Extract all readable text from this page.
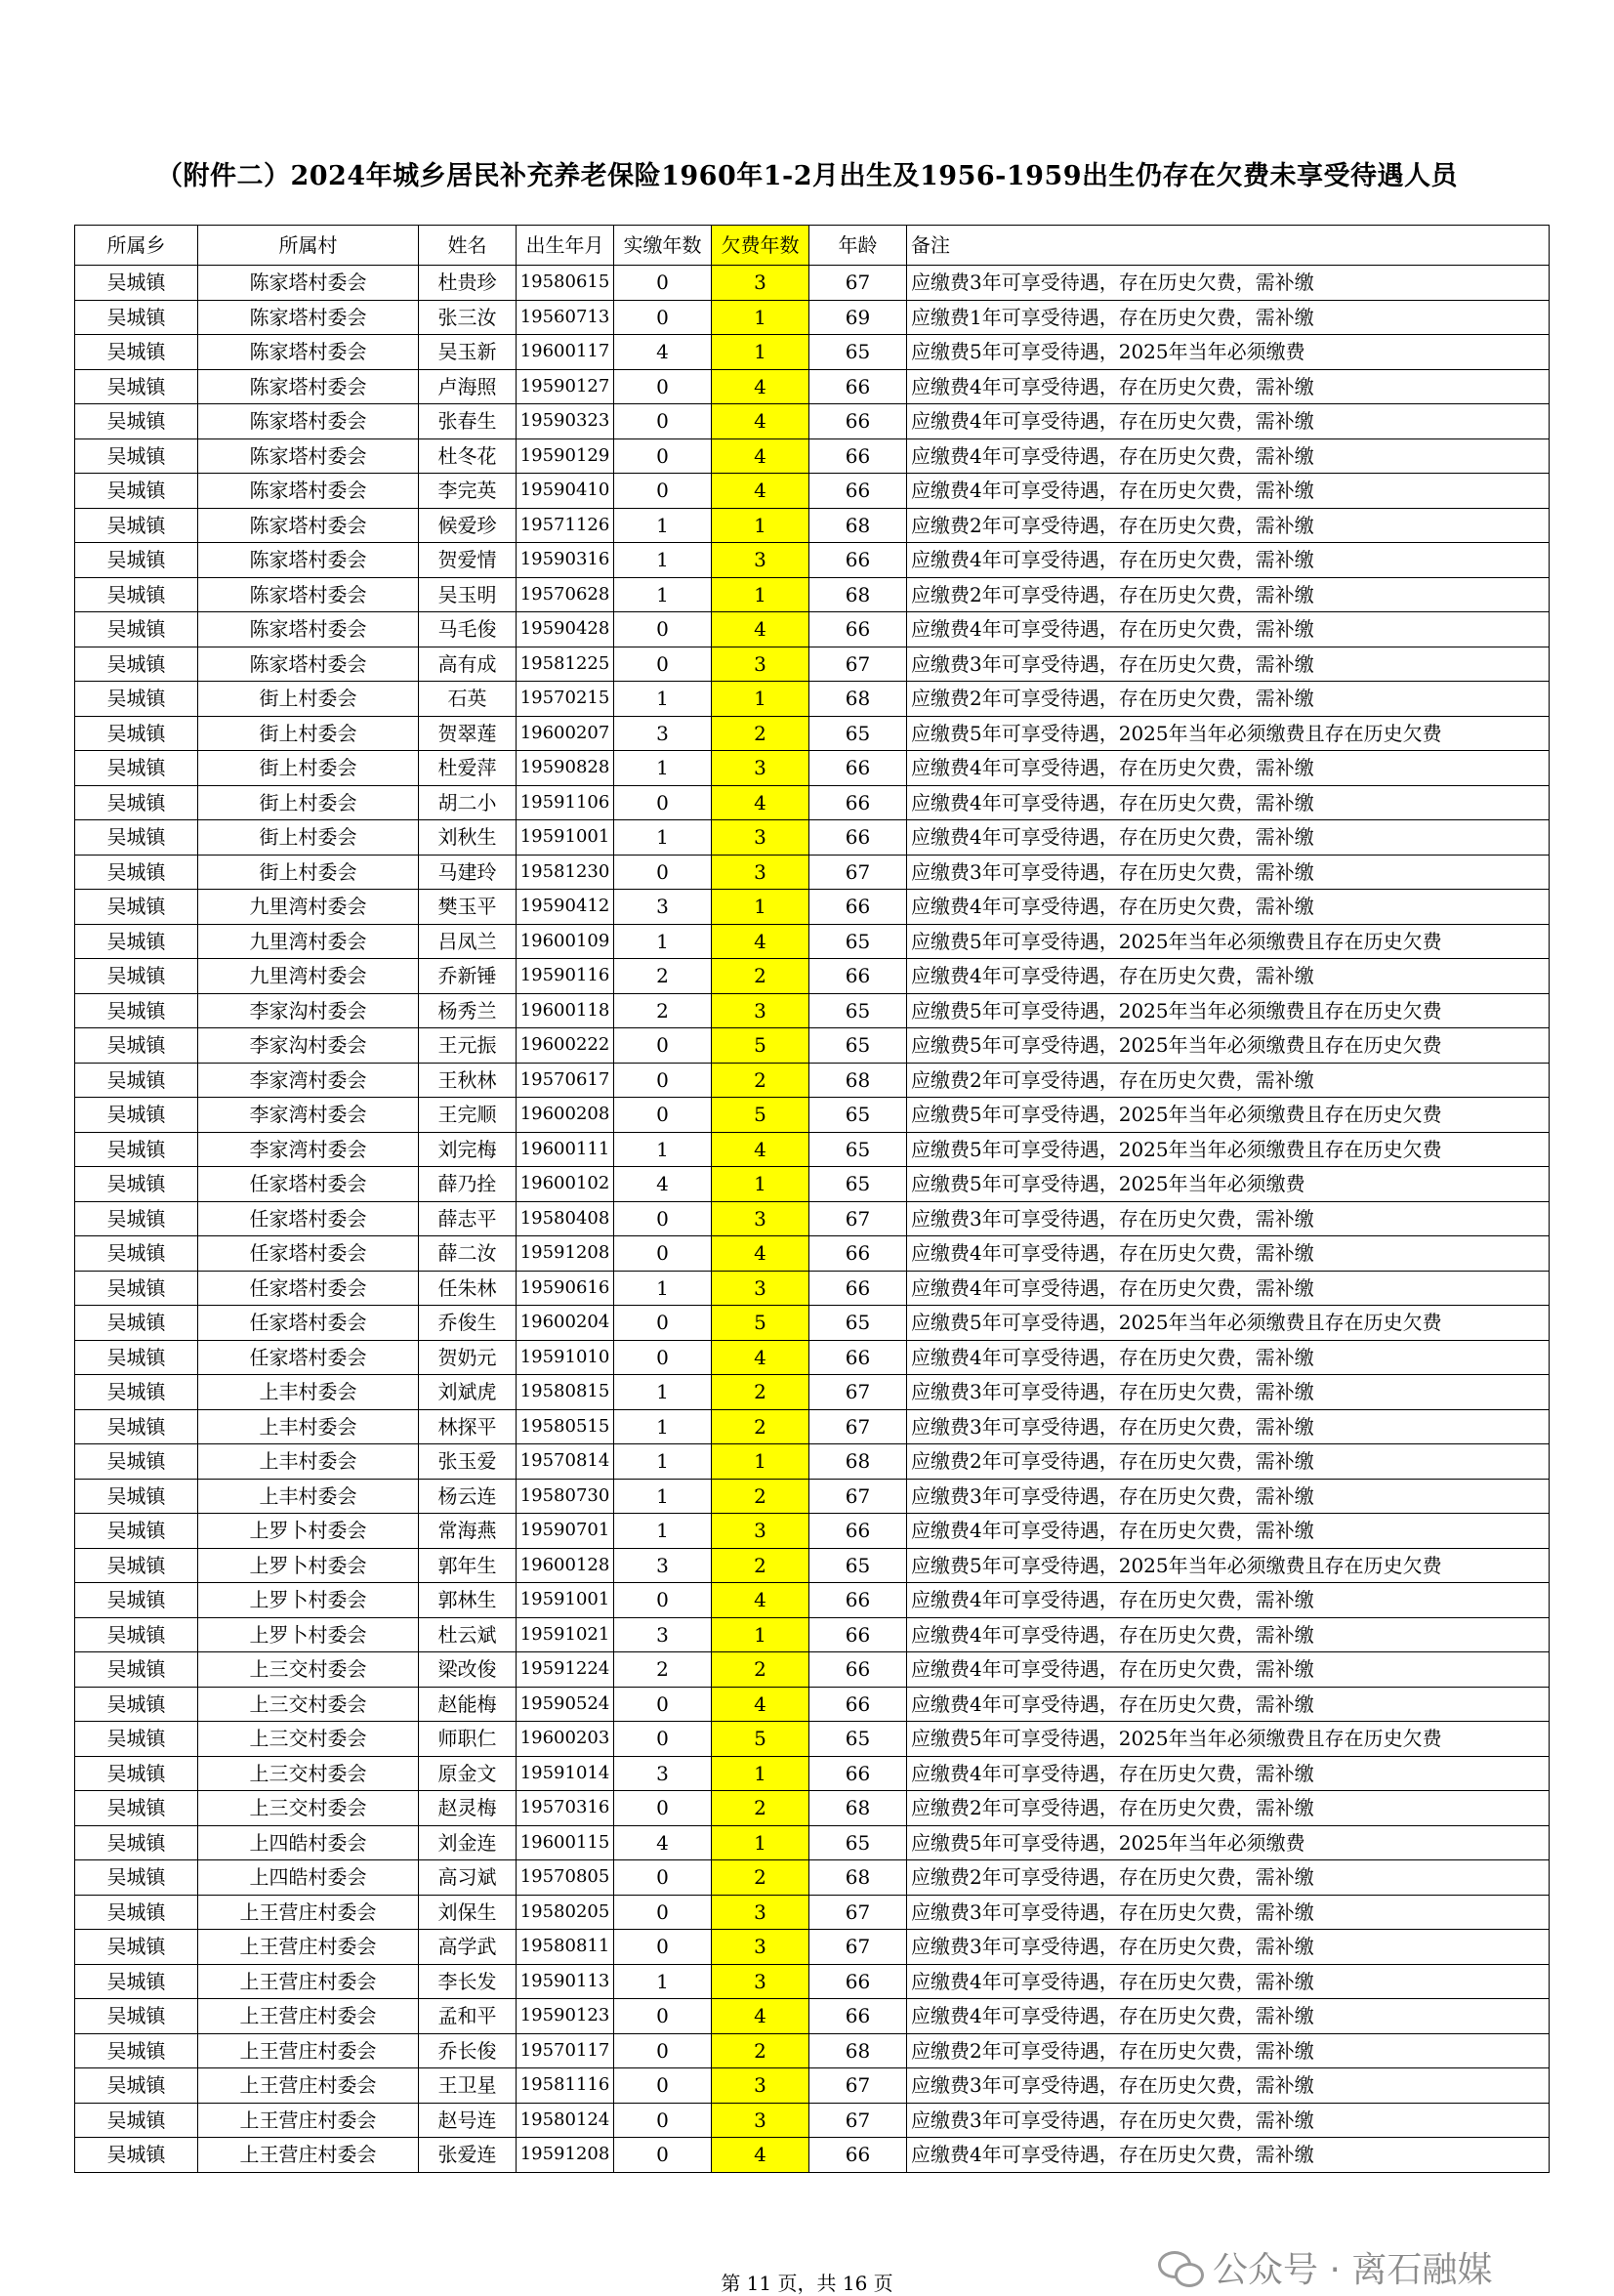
（附件二）2024年城乡居民补充养老保险1960年1-2月出生及1956-1959出生仍存在欠费未享受待遇人员
所属乡	所属村	姓名	出生年月	实缴年数	欠费年数	年龄	备注
吴城镇	陈家塔村委会	杜贵珍	19580615	0	3	67	应缴费3年可享受待遇，存在历史欠费，需补缴
吴城镇	陈家塔村委会	张三汝	19560713	0	1	69	应缴费1年可享受待遇，存在历史欠费，需补缴
吴城镇	陈家塔村委会	吴玉新	19600117	4	1	65	应缴费5年可享受待遇，2025年当年必须缴费
吴城镇	陈家塔村委会	卢海照	19590127	0	4	66	应缴费4年可享受待遇，存在历史欠费，需补缴
吴城镇	陈家塔村委会	张春生	19590323	0	4	66	应缴费4年可享受待遇，存在历史欠费，需补缴
吴城镇	陈家塔村委会	杜冬花	19590129	0	4	66	应缴费4年可享受待遇，存在历史欠费，需补缴
吴城镇	陈家塔村委会	李完英	19590410	0	4	66	应缴费4年可享受待遇，存在历史欠费，需补缴
吴城镇	陈家塔村委会	候爱珍	19571126	1	1	68	应缴费2年可享受待遇，存在历史欠费，需补缴
吴城镇	陈家塔村委会	贺爱情	19590316	1	3	66	应缴费4年可享受待遇，存在历史欠费，需补缴
吴城镇	陈家塔村委会	吴玉明	19570628	1	1	68	应缴费2年可享受待遇，存在历史欠费，需补缴
吴城镇	陈家塔村委会	马毛俊	19590428	0	4	66	应缴费4年可享受待遇，存在历史欠费，需补缴
吴城镇	陈家塔村委会	高有成	19581225	0	3	67	应缴费3年可享受待遇，存在历史欠费，需补缴
吴城镇	街上村委会	石英	19570215	1	1	68	应缴费2年可享受待遇，存在历史欠费，需补缴
吴城镇	街上村委会	贺翠莲	19600207	3	2	65	应缴费5年可享受待遇，2025年当年必须缴费且存在历史欠费
吴城镇	街上村委会	杜爱萍	19590828	1	3	66	应缴费4年可享受待遇，存在历史欠费，需补缴
吴城镇	街上村委会	胡二小	19591106	0	4	66	应缴费4年可享受待遇，存在历史欠费，需补缴
吴城镇	街上村委会	刘秋生	19591001	1	3	66	应缴费4年可享受待遇，存在历史欠费，需补缴
吴城镇	街上村委会	马建玲	19581230	0	3	67	应缴费3年可享受待遇，存在历史欠费，需补缴
吴城镇	九里湾村委会	樊玉平	19590412	3	1	66	应缴费4年可享受待遇，存在历史欠费，需补缴
吴城镇	九里湾村委会	吕凤兰	19600109	1	4	65	应缴费5年可享受待遇，2025年当年必须缴费且存在历史欠费
吴城镇	九里湾村委会	乔新锤	19590116	2	2	66	应缴费4年可享受待遇，存在历史欠费，需补缴
吴城镇	李家沟村委会	杨秀兰	19600118	2	3	65	应缴费5年可享受待遇，2025年当年必须缴费且存在历史欠费
吴城镇	李家沟村委会	王元振	19600222	0	5	65	应缴费5年可享受待遇，2025年当年必须缴费且存在历史欠费
吴城镇	李家湾村委会	王秋林	19570617	0	2	68	应缴费2年可享受待遇，存在历史欠费，需补缴
吴城镇	李家湾村委会	王完顺	19600208	0	5	65	应缴费5年可享受待遇，2025年当年必须缴费且存在历史欠费
吴城镇	李家湾村委会	刘完梅	19600111	1	4	65	应缴费5年可享受待遇，2025年当年必须缴费且存在历史欠费
吴城镇	任家塔村委会	薛乃拴	19600102	4	1	65	应缴费5年可享受待遇，2025年当年必须缴费
吴城镇	任家塔村委会	薛志平	19580408	0	3	67	应缴费3年可享受待遇，存在历史欠费，需补缴
吴城镇	任家塔村委会	薛二汝	19591208	0	4	66	应缴费4年可享受待遇，存在历史欠费，需补缴
吴城镇	任家塔村委会	任朱林	19590616	1	3	66	应缴费4年可享受待遇，存在历史欠费，需补缴
吴城镇	任家塔村委会	乔俊生	19600204	0	5	65	应缴费5年可享受待遇，2025年当年必须缴费且存在历史欠费
吴城镇	任家塔村委会	贺奶元	19591010	0	4	66	应缴费4年可享受待遇，存在历史欠费，需补缴
吴城镇	上丰村委会	刘斌虎	19580815	1	2	67	应缴费3年可享受待遇，存在历史欠费，需补缴
吴城镇	上丰村委会	林探平	19580515	1	2	67	应缴费3年可享受待遇，存在历史欠费，需补缴
吴城镇	上丰村委会	张玉爱	19570814	1	1	68	应缴费2年可享受待遇，存在历史欠费，需补缴
吴城镇	上丰村委会	杨云连	19580730	1	2	67	应缴费3年可享受待遇，存在历史欠费，需补缴
吴城镇	上罗卜村委会	常海燕	19590701	1	3	66	应缴费4年可享受待遇，存在历史欠费，需补缴
吴城镇	上罗卜村委会	郭年生	19600128	3	2	65	应缴费5年可享受待遇，2025年当年必须缴费且存在历史欠费
吴城镇	上罗卜村委会	郭林生	19591001	0	4	66	应缴费4年可享受待遇，存在历史欠费，需补缴
吴城镇	上罗卜村委会	杜云斌	19591021	3	1	66	应缴费4年可享受待遇，存在历史欠费，需补缴
吴城镇	上三交村委会	梁改俊	19591224	2	2	66	应缴费4年可享受待遇，存在历史欠费，需补缴
吴城镇	上三交村委会	赵能梅	19590524	0	4	66	应缴费4年可享受待遇，存在历史欠费，需补缴
吴城镇	上三交村委会	师职仁	19600203	0	5	65	应缴费5年可享受待遇，2025年当年必须缴费且存在历史欠费
吴城镇	上三交村委会	原金文	19591014	3	1	66	应缴费4年可享受待遇，存在历史欠费，需补缴
吴城镇	上三交村委会	赵灵梅	19570316	0	2	68	应缴费2年可享受待遇，存在历史欠费，需补缴
吴城镇	上四皓村委会	刘金连	19600115	4	1	65	应缴费5年可享受待遇，2025年当年必须缴费
吴城镇	上四皓村委会	高习斌	19570805	0	2	68	应缴费2年可享受待遇，存在历史欠费，需补缴
吴城镇	上王营庄村委会	刘保生	19580205	0	3	67	应缴费3年可享受待遇，存在历史欠费，需补缴
吴城镇	上王营庄村委会	高学武	19580811	0	3	67	应缴费3年可享受待遇，存在历史欠费，需补缴
吴城镇	上王营庄村委会	李长发	19590113	1	3	66	应缴费4年可享受待遇，存在历史欠费，需补缴
吴城镇	上王营庄村委会	孟和平	19590123	0	4	66	应缴费4年可享受待遇，存在历史欠费，需补缴
吴城镇	上王营庄村委会	乔长俊	19570117	0	2	68	应缴费2年可享受待遇，存在历史欠费，需补缴
吴城镇	上王营庄村委会	王卫星	19581116	0	3	67	应缴费3年可享受待遇，存在历史欠费，需补缴
吴城镇	上王营庄村委会	赵号连	19580124	0	3	67	应缴费3年可享受待遇，存在历史欠费，需补缴
吴城镇	上王营庄村委会	张爱连	19591208	0	4	66	应缴费4年可享受待遇，存在历史欠费，需补缴
第 11 页，共 16 页	公众号 · 离石融媒
